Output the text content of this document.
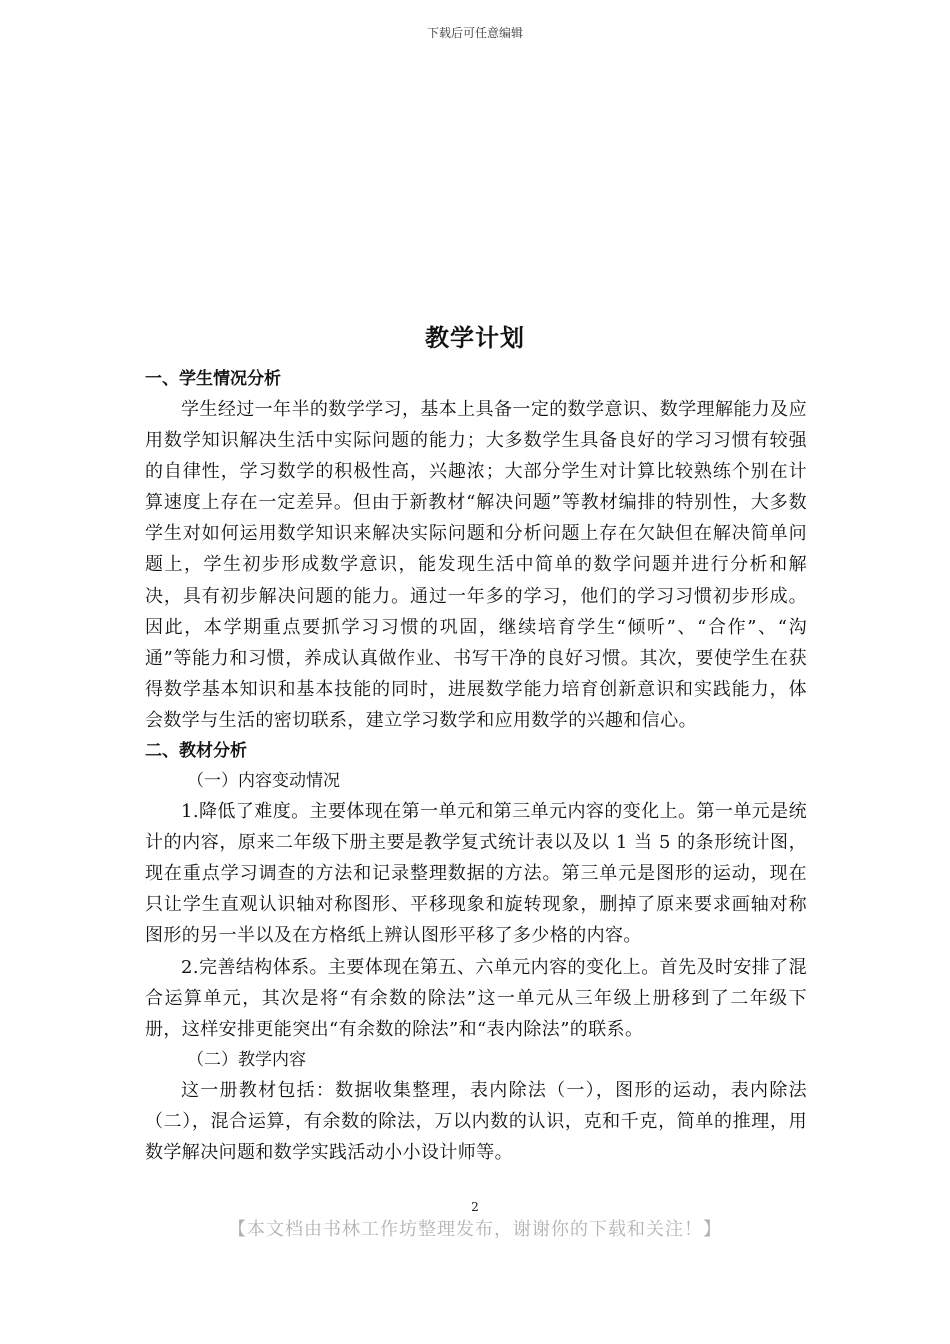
下载后可任意编辑
教学计划

一、学生情况分析

学生经过一年半的数学学习，基本上具备一定的数学意识、数学理解能力及应用数学知识解决生活中实际问题的能力；大多数学生具备良好的学习习惯有较强的自律性，学习数学的积极性高，兴趣浓；大部分学生对计算比较熟练个别在计算速度上存在一定差异。但由于新教材“解决问题”等教材编排的特别性，大多数学生对如何运用数学知识来解决实际问题和分析问题上存在欠缺但在解决简单问题上，学生初步形成数学意识，能发现生活中简单的数学问题并进行分析和解决，具有初步解决问题的能力。通过一年多的学习，他们的学习习惯初步形成。因此，本学期重点要抓学习习惯的巩固，继续培育学生“倾听”、“合作”、“沟通”等能力和习惯，养成认真做作业、书写干净的良好习惯。其次，要使学生在获得数学基本知识和基本技能的同时，进展数学能力培育创新意识和实践能力，体会数学与生活的密切联系，建立学习数学和应用数学的兴趣和信心。

二、教材分析

（一）内容变动情况

1.降低了难度。主要体现在第一单元和第三单元内容的变化上。第一单元是统计的内容，原来二年级下册主要是教学复式统计表以及以 1 当 5 的条形统计图，现在重点学习调查的方法和记录整理数据的方法。第三单元是图形的运动，现在只让学生直观认识轴对称图形、平移现象和旋转现象，删掉了原来要求画轴对称图形的另一半以及在方格纸上辨认图形平移了多少格的内容。

2.完善结构体系。主要体现在第五、六单元内容的变化上。首先及时安排了混合运算单元，其次是将“有余数的除法”这一单元从三年级上册移到了二年级下册，这样安排更能突出“有余数的除法”和“表内除法”的联系。

（二）教学内容

这一册教材包括：数据收集整理，表内除法（一），图形的运动，表内除法（二），混合运算，有余数的除法，万以内数的认识，克和千克，简单的推理，用数学解决问题和数学实践活动小小设计师等。

2
【本文档由书林工作坊整理发布，谢谢你的下载和关注！】
